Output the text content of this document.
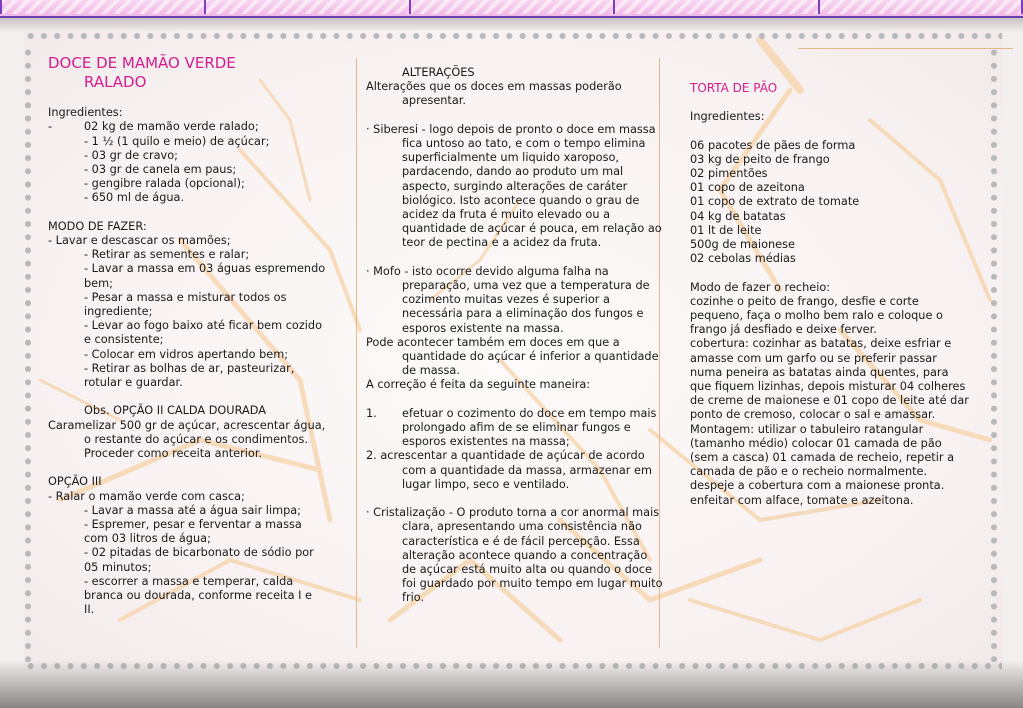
DOCE DE MAMÃO VERDE
RALADO
Ingredientes:
-	02 kg de mamão verde ralado;
- 1 ½ (1 quilo e meio) de açúcar;
- 03 gr de cravo;
- 03 gr de canela em paus;
- gengibre ralada (opcional);
- 650 ml de água.
MODO DE FAZER:
- Lavar e descascar os mamões;
- Retirar as sementes e ralar;
- Lavar a massa em 03 águas espremendo
bem;
- Pesar a massa e misturar todos os
ingrediente;
- Levar ao fogo baixo até ficar bem cozido
e consistente;
- Colocar em vidros apertando bem;
- Retirar as bolhas de ar, pasteurizar,
rotular e guardar.
Obs. OPÇÃO II CALDA DOURADA
Caramelizar 500 gr de açúcar, acrescentar água,
o restante do açúcar e os condimentos.
Proceder como receita anterior.
OPÇÃO III
- Ralar o mamão verde com casca;
- Lavar a massa até a água sair limpa;
- Espremer, pesar e ferventar a massa
com 03 litros de água;
- 02 pitadas de bicarbonato de sódio por
05 minutos;
- escorrer a massa e temperar, calda
branca ou dourada, conforme receita I e
II.
ALTERAÇÕES
Alterações que os doces em massas poderão apresentar.
· Siberesi - logo depois de pronto o doce em massa fica untoso ao tato, e com o tempo elimina superficialmente um liquido xaroposo, pardacendo, dando ao produto um mal aspecto, surgindo alterações de caráter biológico. Isto acontece quando o grau de acidez da fruta é muito elevado ou a quantidade de açúcar é pouca, em relação ao teor de pectina e a acidez da fruta.
· Mofo - isto ocorre devido alguma falha na preparação, uma vez que a temperatura de cozimento muitas vezes é superior a necessária para a eliminação dos fungos e esporos existente na massa.
Pode acontecer também em doces em que a quantidade do açúcar é inferior a quantidade de massa.
A correção é feita da seguinte maneira:
1. efetuar o cozimento do doce em tempo mais prolongado afim de se eliminar fungos e esporos existentes na massa;
2. acrescentar a quantidade de açúcar de acordo com a quantidade da massa, armazenar em lugar limpo, seco e ventilado.
· Cristalização - O produto torna a cor anormal mais clara, apresentando uma consistência não característica e é de fácil percepção. Essa alteração acontece quando a concentração de açúcar está muito alta ou quando o doce foi guardado por muito tempo em lugar muito frio.
TORTA DE PÃO
Ingredientes:
06 pacotes de pães de forma
03 kg de peito de frango
02 pimentões
01 copo de azeitona
01 copo de extrato de tomate
04 kg de batatas
01 lt de leite
500g de maionese
02 cebolas médias
Modo de fazer o recheio:
cozinhe o peito de frango, desfie e corte pequeno, faça o molho bem ralo e coloque o frango já desfiado e deixe ferver.
cobertura: cozinhar as batatas, deixe esfriar e amasse com um garfo ou se preferir passar numa peneira as batatas ainda quentes, para que fiquem lizinhas, depois misturar 04 colheres de creme de maionese e 01 copo de leite até dar ponto de cremoso, colocar o sal e amassar.
Montagem: utilizar o tabuleiro ratangular (tamanho médio) colocar 01 camada de pão (sem a casca) 01 camada de recheio, repetir a camada de pão e o recheio normalmente.
despeje a cobertura com a maionese pronta.
enfeitar com alface, tomate e azeitona.
